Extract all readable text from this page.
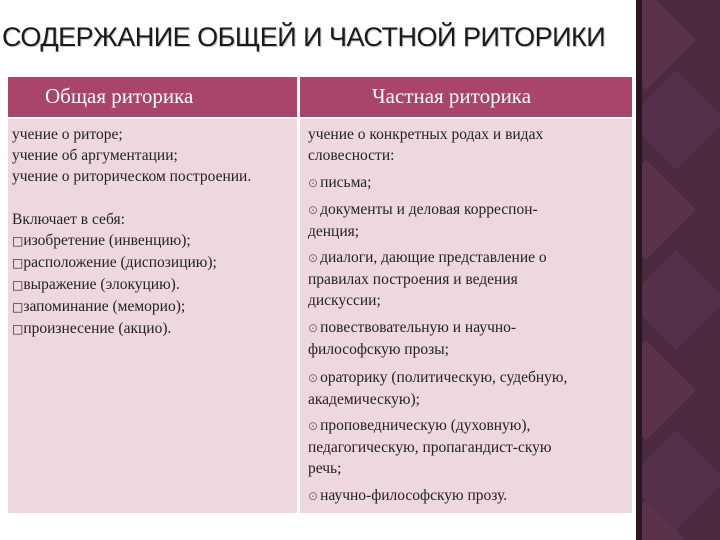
СОДЕРЖАНИЕ ОБЩЕЙ И ЧАСТНОЙ РИТОРИКИ
Общая риторика	Частная риторика
учение о риторе;
учение об аргументации;
учение о риторическом построении.
Включает в себя:
□изобретение (инвенцию);
□расположение (диспозицию);
□выражение (элокуцию).
□запоминание (меморио);
□произнесение (акцио).
учение о конкретных родах и видах
словесности:
⊙ письма;
⊙ документы и деловая корреспон-
денция;
⊙ диалоги, дающие представление о
правилах построения и ведения
дискуссии;
⊙ повествовательную и научно-
философскую прозы;
⊙ ораторику (политическую, судебную,
академическую);
⊙ проповедническую (духовную),
педагогическую, пропагандист-скую
речь;
⊙ научно-философскую прозу.
